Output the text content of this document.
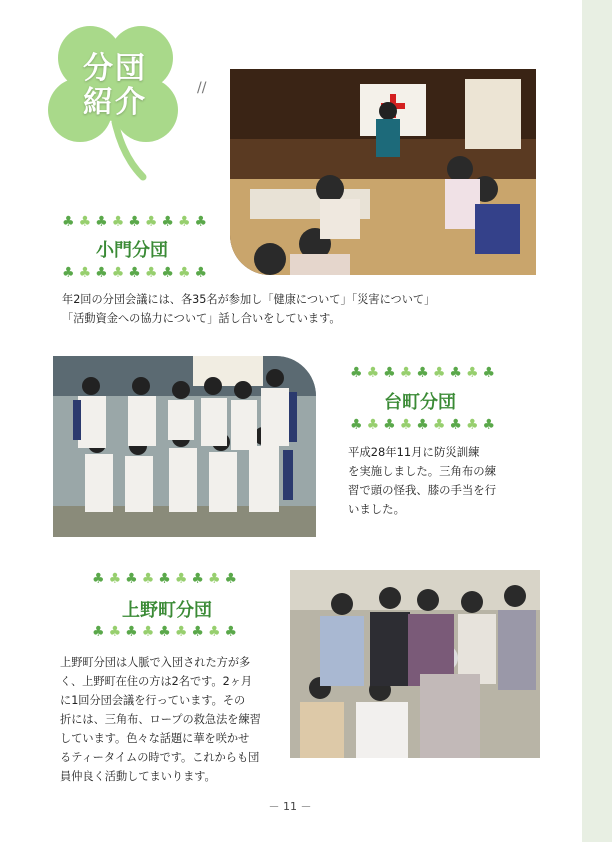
分団
紹介	//
♣ ♣ ♣ ♣ ♣ ♣ ♣ ♣ ♣
小門分団
♣ ♣ ♣ ♣ ♣ ♣ ♣ ♣ ♣
年2回の分団会議には、各35名が参加し「健康について」「災害について」
「活動資金への協力について」話し合いをしています。
♣ ♣ ♣ ♣ ♣ ♣ ♣ ♣ ♣
台町分団
♣ ♣ ♣ ♣ ♣ ♣ ♣ ♣ ♣
平成28年11月に防災訓練
を実施しました。三角布の練
習で頭の怪我、膝の手当を行
いました。
♣ ♣ ♣ ♣ ♣ ♣ ♣ ♣ ♣
上野町分団
♣ ♣ ♣ ♣ ♣ ♣ ♣ ♣ ♣
上野町分団は人脈で入団された方が多
く、上野町在住の方は2名です。2ヶ月
に1回分団会議を行っています。その
折には、三角布、ロープの救急法を練習
しています。色々な話題に華を咲かせ
るティータイムの時です。これからも団
員仲良く活動してまいります。
－ 11 －
